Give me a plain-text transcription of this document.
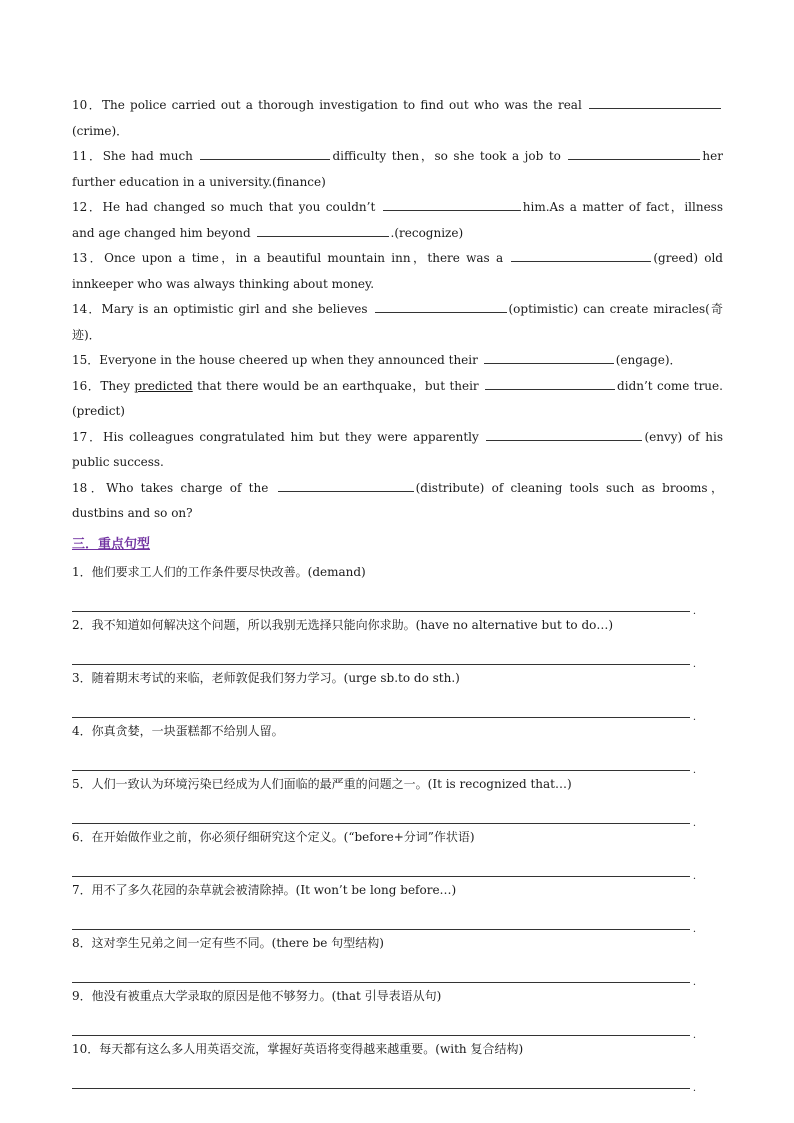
10．The police carried out a thorough investigation to find out who was the real (crime)．

11．She had much	difficulty then，so she took a job to	her further education in a university.(finance)

12．He had changed so much that you couldn’t	him.As a matter of fact，illness and age changed him beyond	.(recognize)

13．Once upon a time，in a beautiful mountain inn，there was a	(greed) old innkeeper who was always thinking about money.

14．Mary is an optimistic girl and she believes	(optimistic) can create miracles(奇迹)．

15．Everyone in the house cheered up when they announced their	(engage)．

16．They predicted that there would be an earthquake，but their	didn’t come true.(predict)

17．His colleagues congratulated him but they were apparently	(envy) of his public success.

18．Who takes charge of the	(distribute) of cleaning tools such as brooms，dustbins and so on?

三．重点句型

1．他们要求工人们的工作条件要尽快改善。(demand)

.

2．我不知道如何解决这个问题，所以我别无选择只能向你求助。(have no alternative but to do…)

.

3．随着期末考试的来临，老师敦促我们努力学习。(urge sb.to do sth.)

.

4．你真贪婪，一块蛋糕都不给别人留。

.

5．人们一致认为环境污染已经成为人们面临的最严重的问题之一。(It is recognized that…)

.

6．在开始做作业之前，你必须仔细研究这个定义。(“before+分词”作状语)

.

7．用不了多久花园的杂草就会被清除掉。(It won’t be long before…)

.

8．这对孪生兄弟之间一定有些不同。(there be 句型结构)

.

9．他没有被重点大学录取的原因是他不够努力。(that 引导表语从句)

.

10．每天都有这么多人用英语交流，掌握好英语将变得越来越重要。(with 复合结构)

.
